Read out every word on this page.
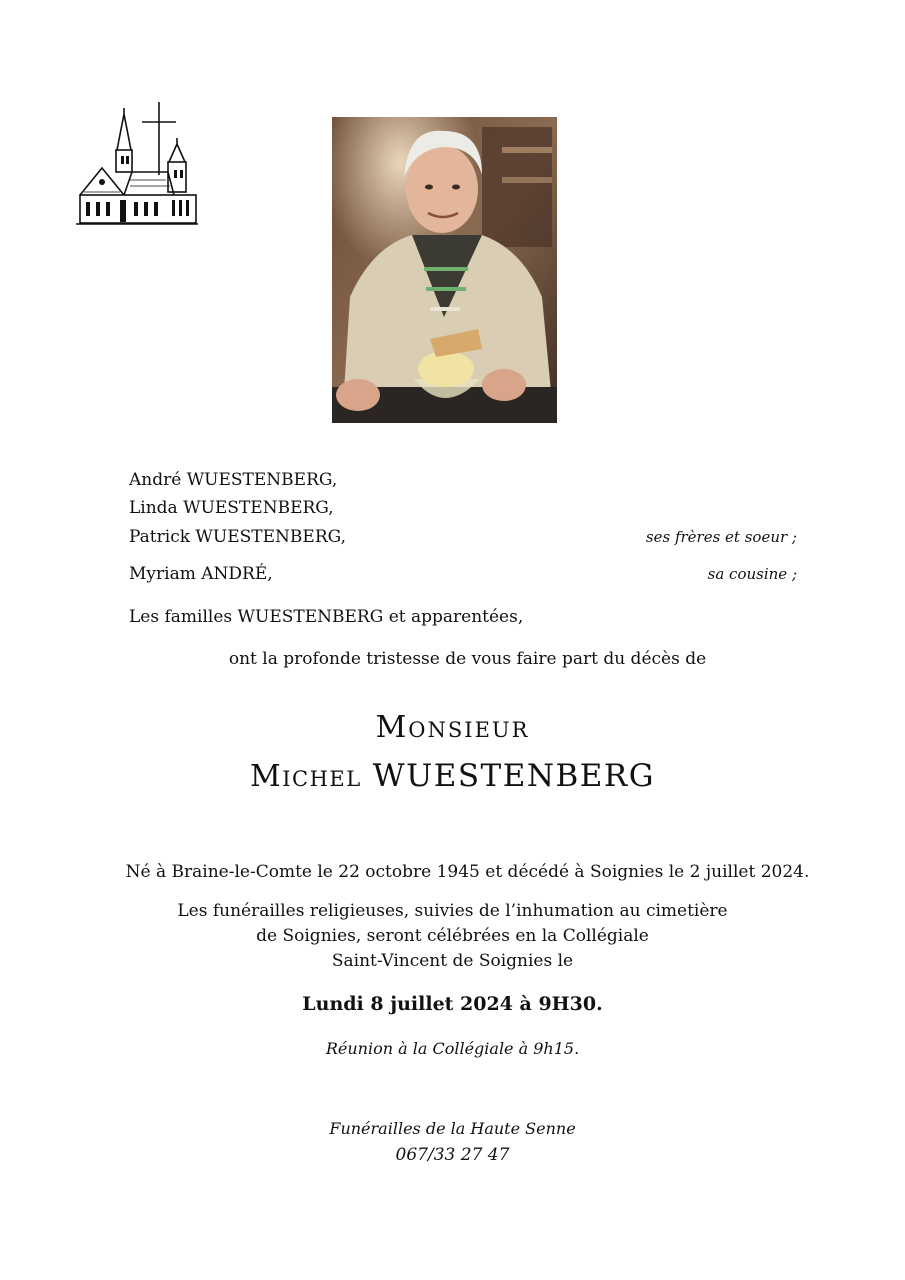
André WUESTENBERG,
Linda WUESTENBERG,
Patrick WUESTENBERG,	ses frères et soeur ;
Myriam ANDRÉ,	sa cousine ;
Les familles WUESTENBERG et apparentées,
ont la profonde tristesse de vous faire part du décès de
Monsieur
Michel WUESTENBERG
Né à Braine-le-Comte le 22 octobre 1945 et décédé à Soignies le 2 juillet 2024.
Les funérailles religieuses, suivies de l’inhumation au cimetière
de Soignies, seront célébrées en la Collégiale
Saint-Vincent de Soignies le
Lundi 8 juillet 2024 à 9H30.
Réunion à la Collégiale à 9h15.
Funérailles de la Haute Senne
067/33 27 47
